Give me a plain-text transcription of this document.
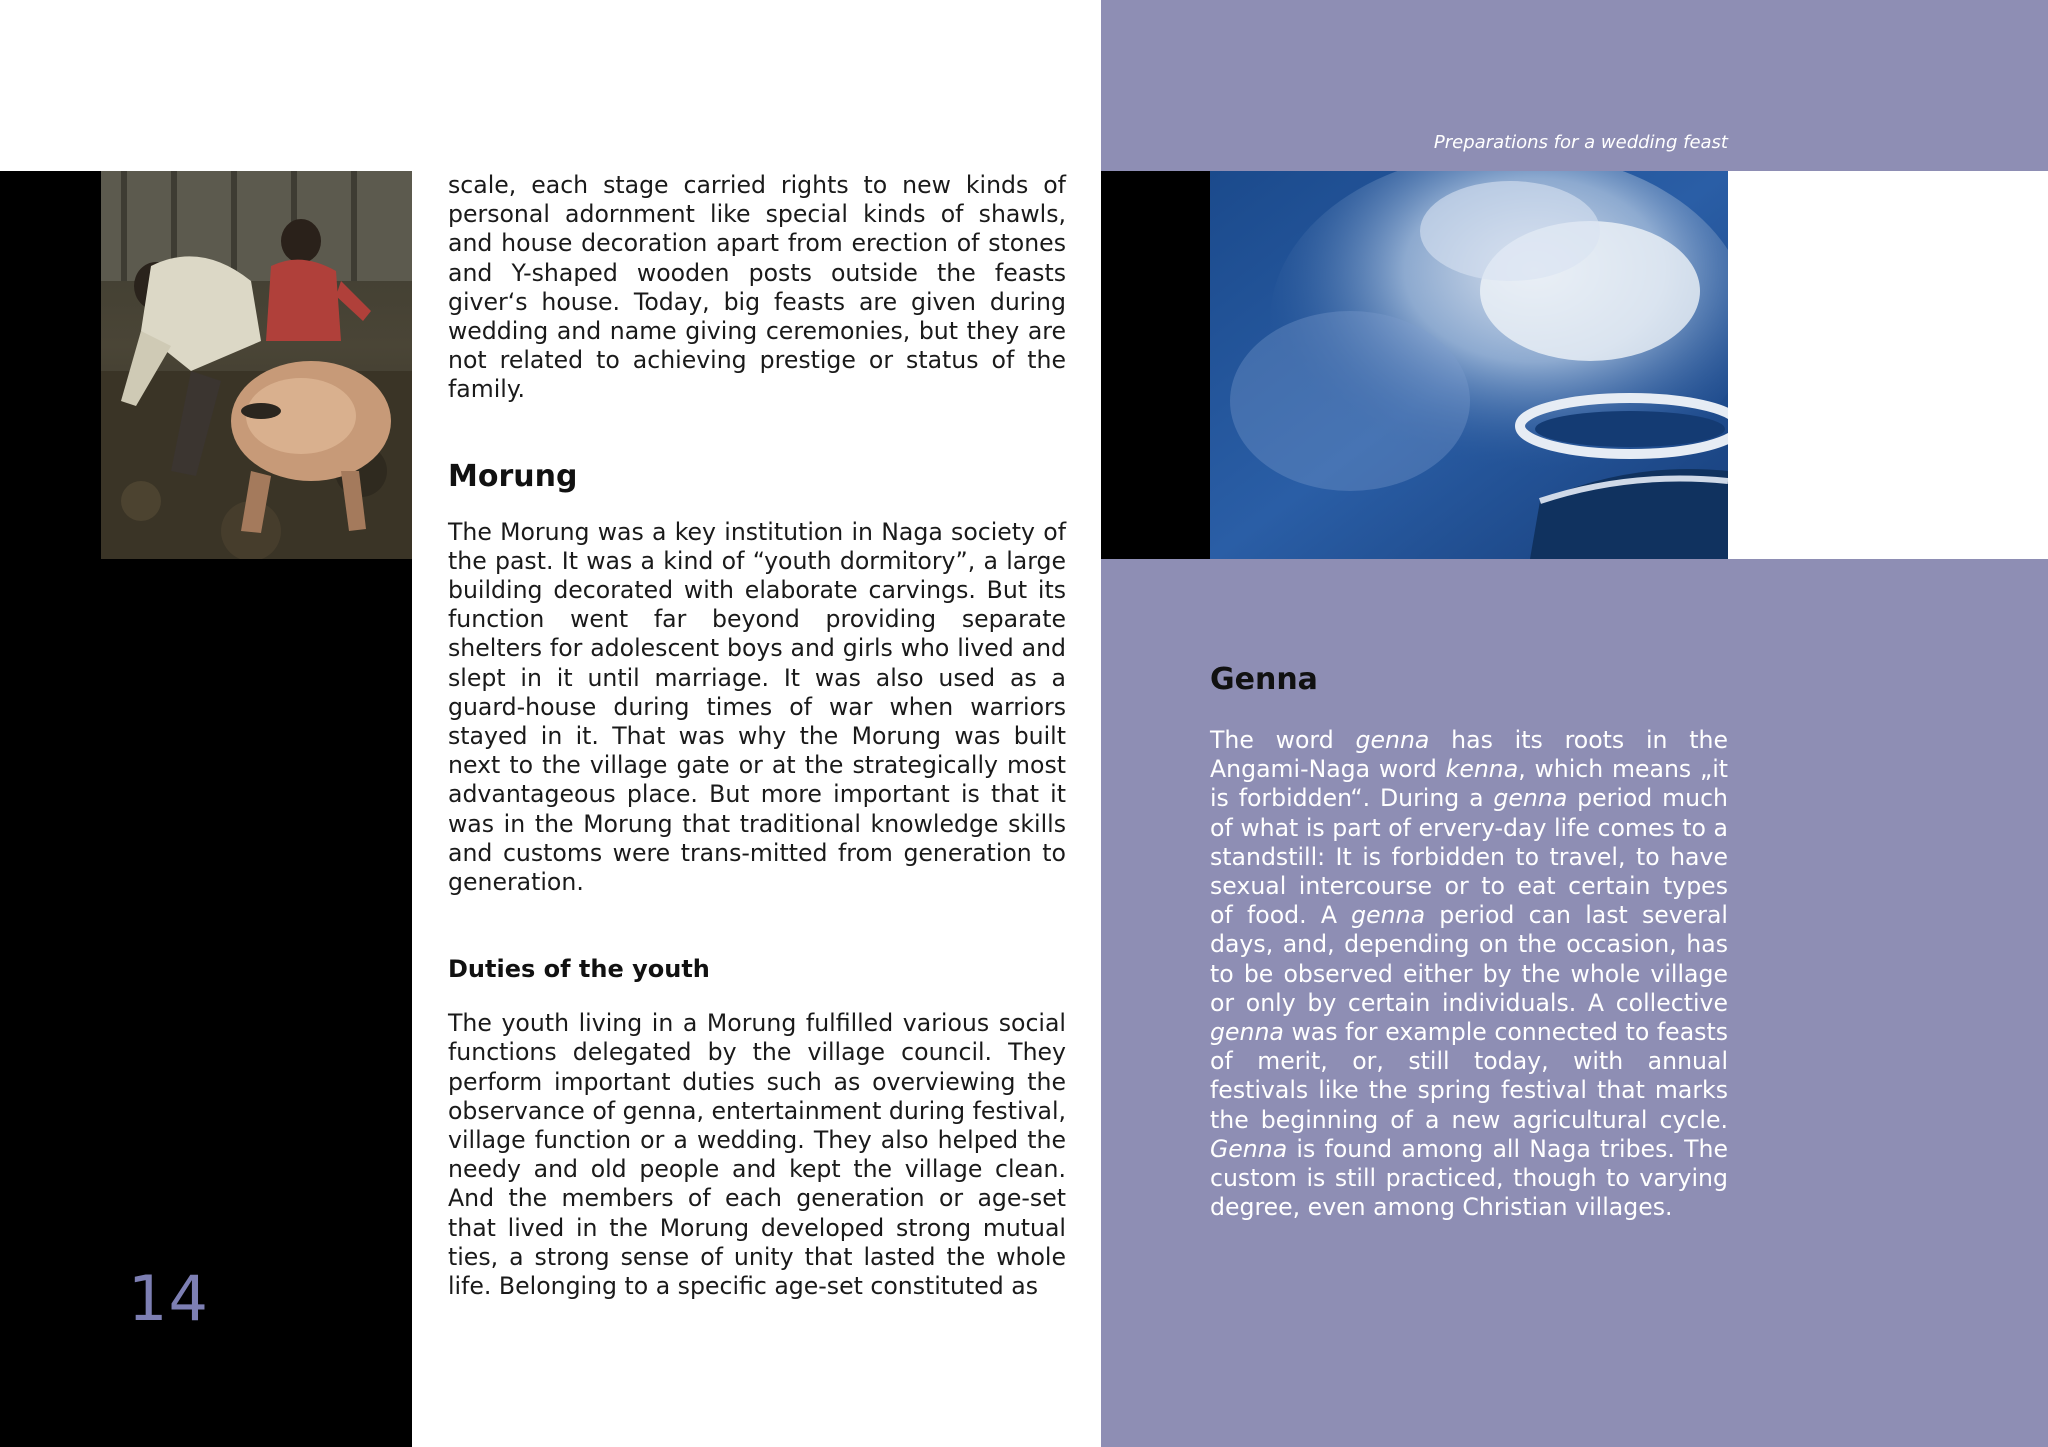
14

scale, each stage carried rights to new kinds of personal adornment like special kinds of shawls, and house decoration apart from erection of stones and Y-shaped wooden posts outside the feasts giver‘s house. Today, big feasts are given during wedding and name giving ceremonies, but they are not related to achieving prestige or status of the family.

Morung

The Morung was a key institution in Naga society of the past. It was a kind of “youth dormitory”, a large building decorated with elaborate carvings. But its function went far beyond providing separate shelters for adolescent boys and girls who lived and slept in it until marriage. It was also used as a guard-house during times of war when warriors stayed in it. That was why the Morung was built next to the village gate or at the strategically most advantageous place. But more important is that it was in the Morung that traditional knowledge skills and customs were trans-mitted from generation to generation.

Duties of the youth

The youth living in a Morung fulfilled various social functions delegated by the village council. They perform important duties such as overviewing the observance of genna, entertainment during festival, village function or a wedding. They also helped the needy and old people and kept the village clean. And the members of each generation or age-set that lived in the Morung developed strong mutual ties, a strong sense of unity that lasted the whole life. Belonging to a specific age-set constituted as

Preparations for a wedding feast
Genna

The word genna has its roots in the Angami-Naga word kenna, which means „it is forbidden“. During a genna period much of what is part of ervery-day life comes to a standstill: It is forbidden to travel, to have sexual intercourse or to eat certain types of food. A genna period can last several days, and, depending on the occasion, has to be observed either by the whole village or only by certain individuals. A collective genna was for example connected to feasts of merit, or, still today, with annual festivals like the spring festival that marks the beginning of a new agricultural cycle. Genna is found among all Naga tribes. The custom is still practiced, though to varying degree, even among Christian villages.
